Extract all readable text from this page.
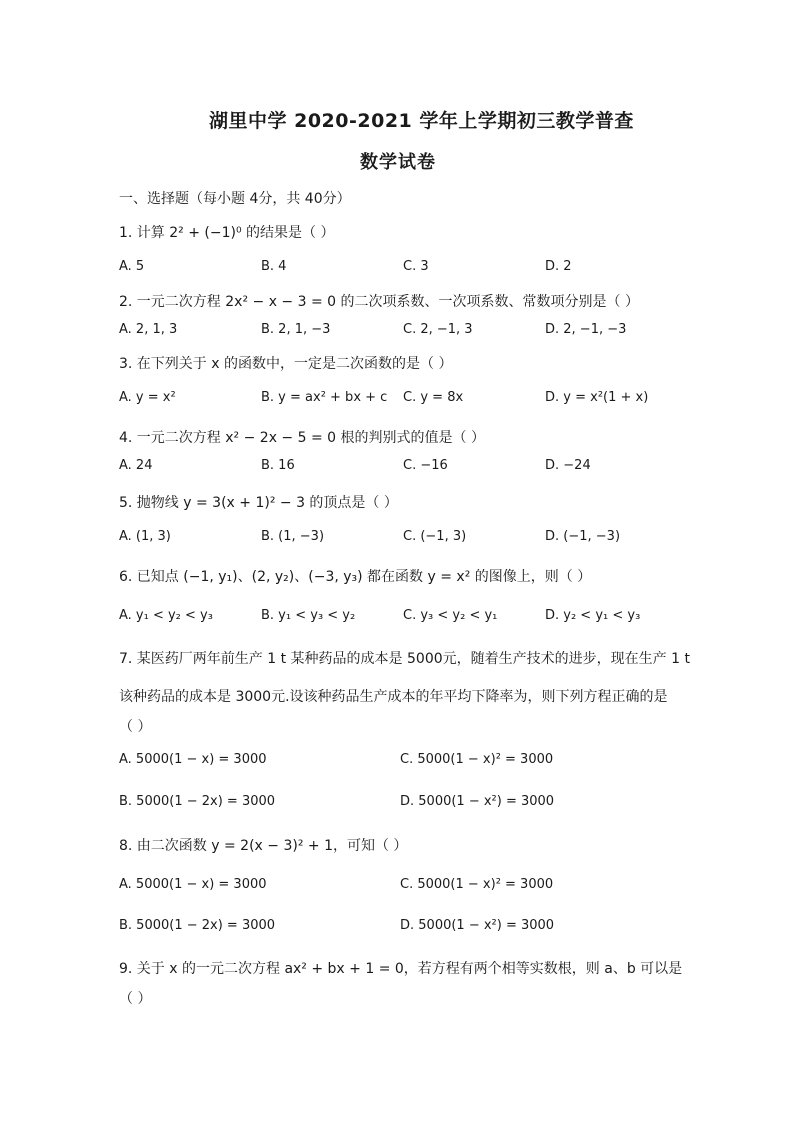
湖里中学 2020-2021 学年上学期初三教学普查
数学试卷
一、选择题（每小题 4分，共 40分）
1. 计算 2² + (−1)⁰ 的结果是（ ）
A. 5	B. 4	C. 3	D. 2
2. 一元二次方程 2x² − x − 3 = 0 的二次项系数、一次项系数、常数项分别是（ ）
A. 2, 1, 3	B. 2, 1, −3	C. 2, −1, 3	D. 2, −1, −3
3. 在下列关于 x 的函数中，一定是二次函数的是（ ）
A. y = x²	B. y = ax² + bx + c C. y = 8x	D. y = x²(1 + x)
4. 一元二次方程 x² − 2x − 5 = 0 根的判别式的值是（ ）
A. 24	B. 16	C. −16	D. −24
5. 抛物线 y = 3(x + 1)² − 3 的顶点是（ ）
A. (1, 3)	B. (1, −3)	C. (−1, 3)	D. (−1, −3)
6. 已知点 (−1, y₁)、(2, y₂)、(−3, y₃) 都在函数 y = x² 的图像上，则（ ）
A. y₁ < y₂ < y₃	B. y₁ < y₃ < y₂	C. y₃ < y₂ < y₁	D. y₂ < y₁ < y₃
7. 某医药厂两年前生产 1 t 某种药品的成本是 5000元，随着生产技术的进步，现在生产 1 t
该种药品的成本是 3000元.设该种药品生产成本的年平均下降率为，则下列方程正确的是
（ ）
A. 5000(1 − x) = 3000	C. 5000(1 − x)² = 3000
B. 5000(1 − 2x) = 3000	D. 5000(1 − x²) = 3000
8. 由二次函数 y = 2(x − 3)² + 1，可知（ ）
A. 5000(1 − x) = 3000	C. 5000(1 − x)² = 3000
B. 5000(1 − 2x) = 3000	D. 5000(1 − x²) = 3000
9. 关于 x 的一元二次方程 ax² + bx + 1 = 0，若方程有两个相等实数根，则 a、b 可以是
（ ）
